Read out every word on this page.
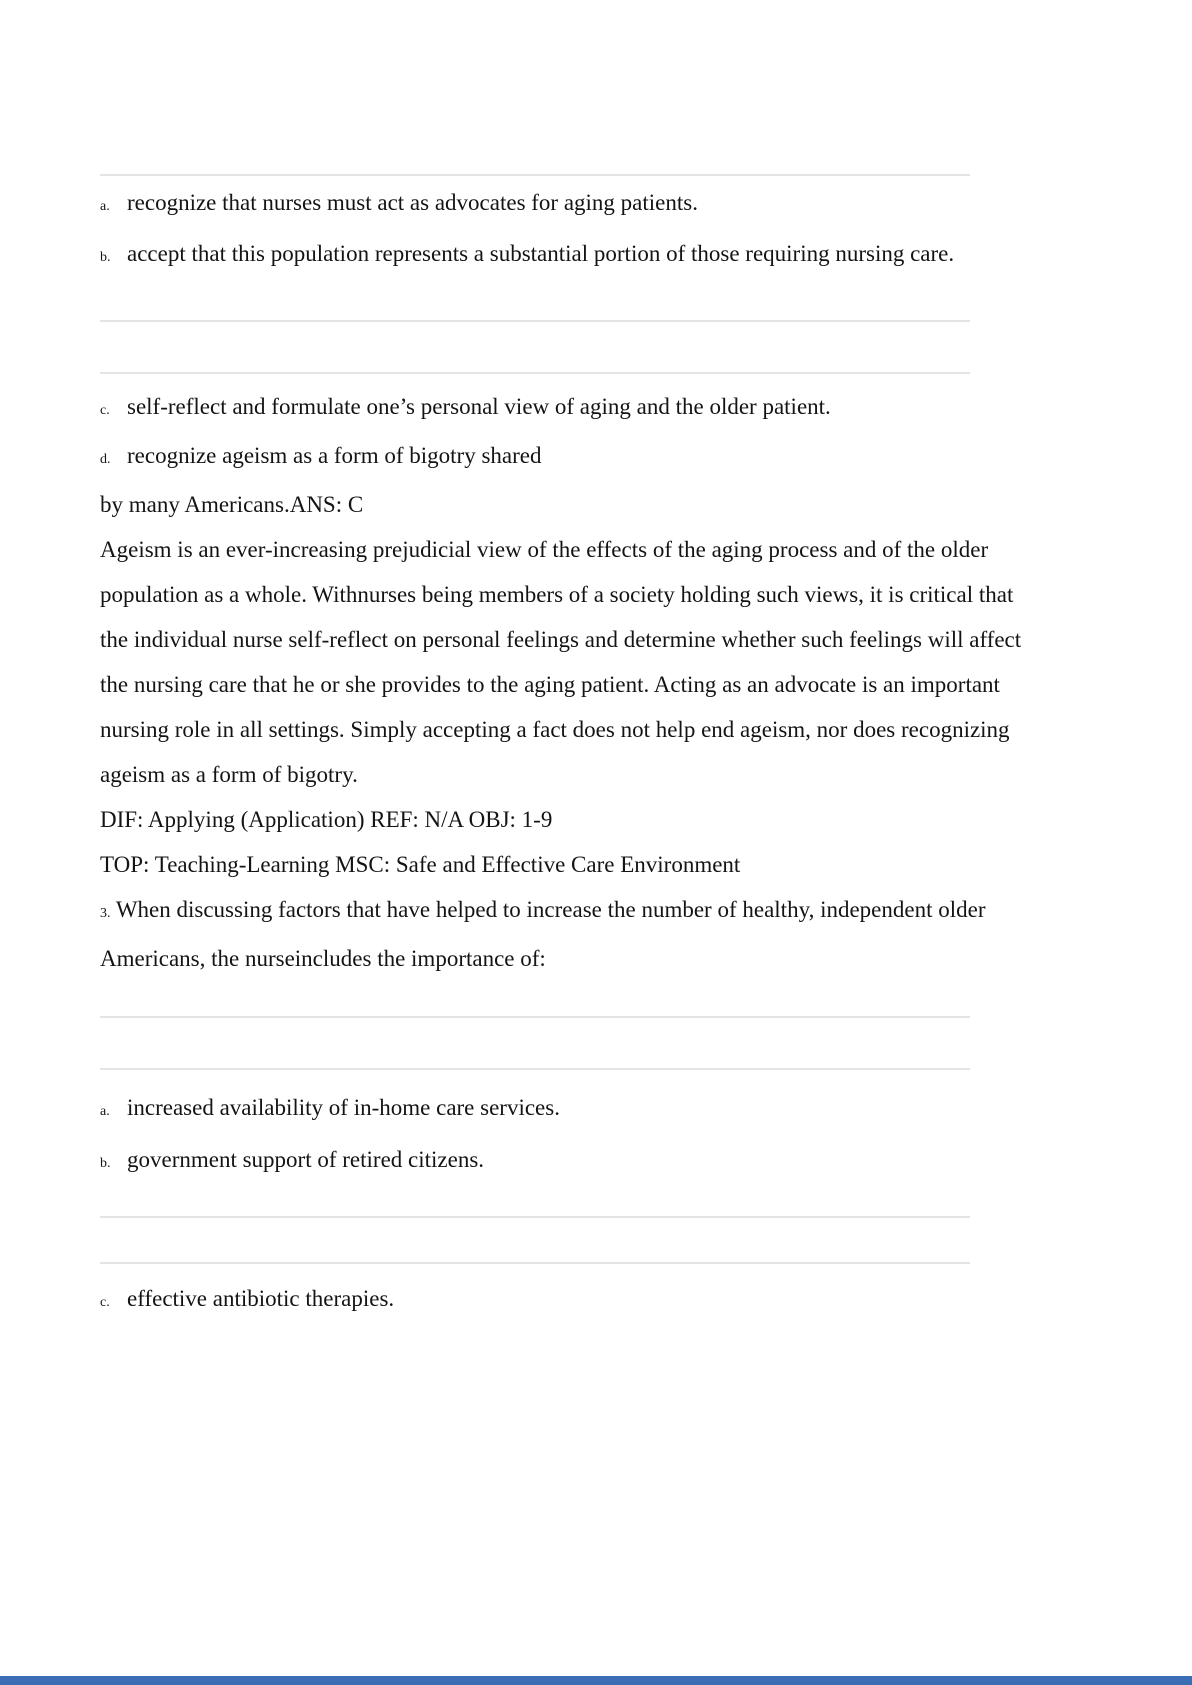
a. recognize that nurses must act as advocates for aging patients.
b. accept that this population represents a substantial portion of those requiring nursing care.
c. self-reflect and formulate one’s personal view of aging and the older patient.
d. recognize ageism as a form of bigotry shared

by many Americans.ANS: C

Ageism is an ever-increasing prejudicial view of the effects of the aging process and of the older population as a whole. Withnurses being members of a society holding such views, it is critical that the individual nurse self-reflect on personal feelings and determine whether such feelings will affect the nursing care that he or she provides to the aging patient. Acting as an advocate is an important nursing role in all settings. Simply accepting a fact does not help end ageism, nor does recognizing ageism as a form of bigotry.

DIF: Applying (Application) REF: N/A OBJ: 1-9

TOP: Teaching-Learning MSC: Safe and Effective Care Environment

3. When discussing factors that have helped to increase the number of healthy, independent older Americans, the nurseincludes the importance of:

a. increased availability of in-home care services.
b. government support of retired citizens.
c. effective antibiotic therapies.
